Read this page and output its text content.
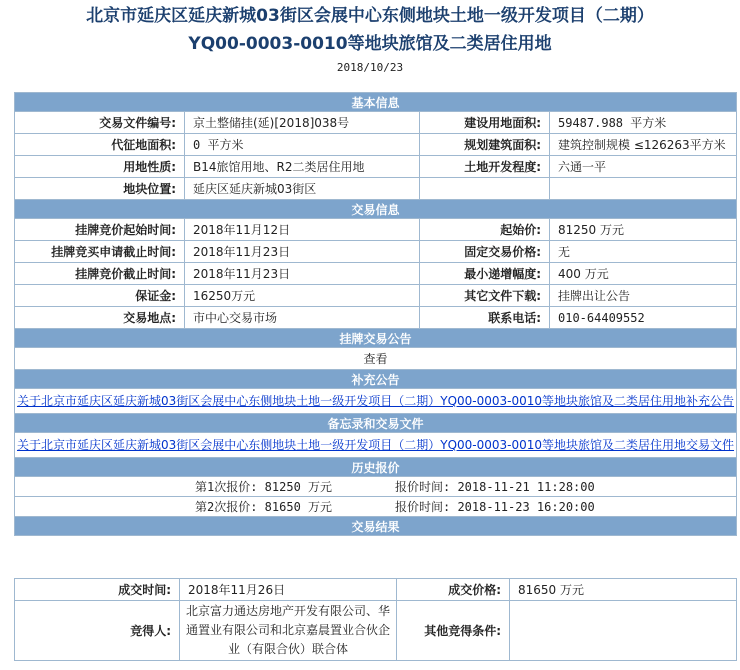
北京市延庆区延庆新城03街区会展中心东侧地块土地一级开发项目（二期）
YQ00-0003-0010等地块旅馆及二类居住用地
2018/10/23
基本信息			
交易文件编号:	京土整储挂(延)[2018]038号	建设用地面积:	59487.988 平方米
代征地面积:	0 平方米	规划建筑面积:	建筑控制规模 ≤126263平方米
用地性质:	B14旅馆用地、R2二类居住用地	土地开发程度:	六通一平
地块位置:	延庆区延庆新城03街区		
交易信息			
挂牌竞价起始时间:	2018年11月12日	起始价:	81250 万元
挂牌竞买申请截止时间:	2018年11月23日	固定交易价格:	无
挂牌竞价截止时间:	2018年11月23日	最小递增幅度:	400 万元
保证金:	16250万元	其它文件下载:	挂牌出让公告
交易地点:	市中心交易市场	联系电话:	010-64409552
挂牌交易公告			
查看			
补充公告			

关于北京市延庆区延庆新城03街区会展中心东侧地块土地一级开发项目（二期）YQ00-0003-0010等地块旅馆及二类居住用地补充公告			

备忘录和交易文件			

关于北京市延庆区延庆新城03街区会展中心东侧地块土地一级开发项目（二期）YQ00-0003-0010等地块旅馆及二类居住用地交易文件			

历史报价			
第1次报价: 81250 万元 报价时间: 2018-11-21 11:28:00			
第2次报价: 81650 万元 报价时间: 2018-11-23 16:20:00			
交易结果			
成交时间:	2018年11月26日	成交价格:	81650 万元
竞得人:	北京富力通达房地产开发有限公司、华通置业有限公司和北京嘉晨置业合伙企业（有限合伙）联合体	其他竞得条件:	
